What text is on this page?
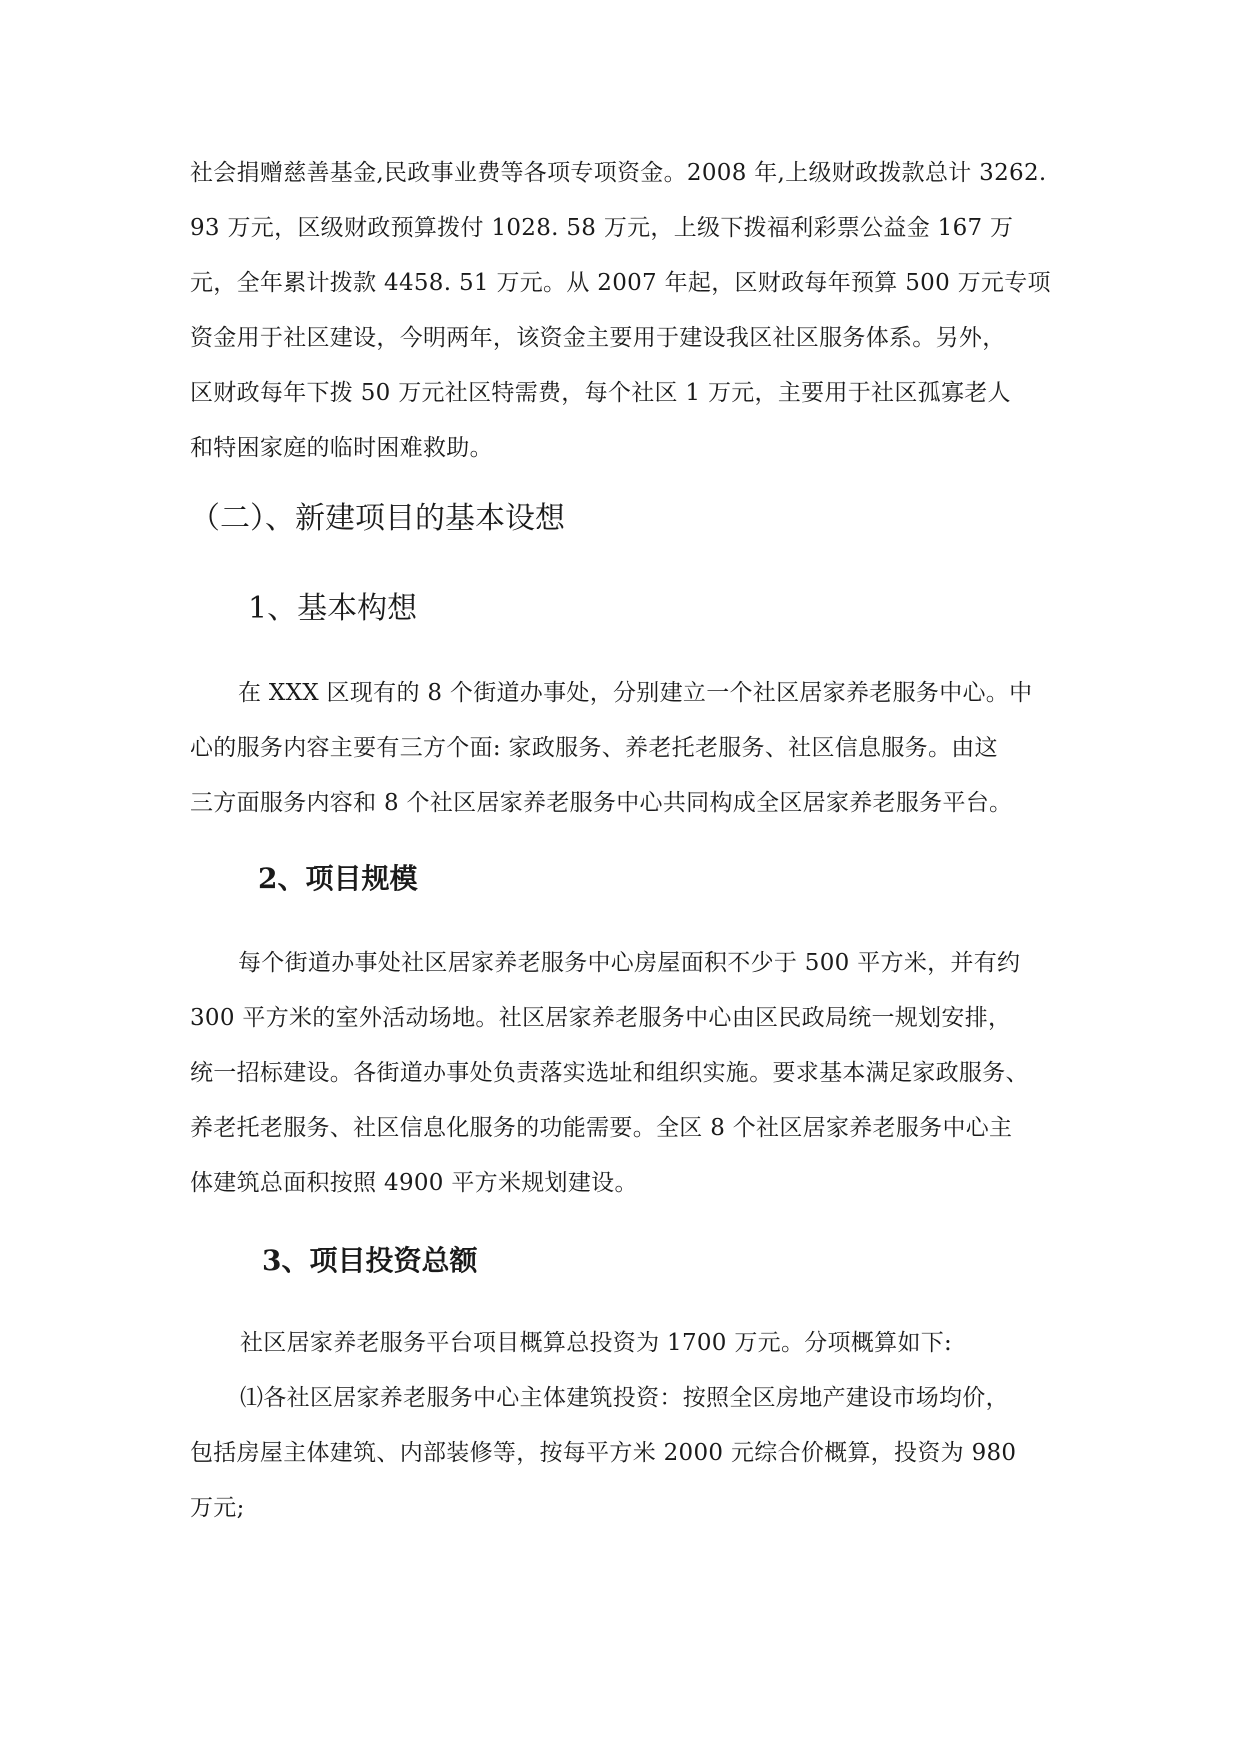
社会捐赠慈善基金,民政事业费等各项专项资金。2008 年,上级财政拨款总计 3262.
93 万元，区级财政预算拨付 1028. 58 万元，上级下拨福利彩票公益金 167 万
元，全年累计拨款 4458. 51 万元。从 2007 年起，区财政每年预算 500 万元专项
资金用于社区建设，今明两年，该资金主要用于建设我区社区服务体系。另外，
区财政每年下拨 50 万元社区特需费，每个社区 1 万元，主要用于社区孤寡老人
和特困家庭的临时困难救助。
（二）、新建项目的基本设想
1、基本构想
在 XXX 区现有的 8 个街道办事处，分别建立一个社区居家养老服务中心。中
心的服务内容主要有三方个面: 家政服务、养老托老服务、社区信息服务。由这
三方面服务内容和 8 个社区居家养老服务中心共同构成全区居家养老服务平台。
2、项目规模
每个街道办事处社区居家养老服务中心房屋面积不少于 500 平方米，并有约
300 平方米的室外活动场地。社区居家养老服务中心由区民政局统一规划安排，
统一招标建设。各街道办事处负责落实选址和组织实施。要求基本满足家政服务、
养老托老服务、社区信息化服务的功能需要。全区 8 个社区居家养老服务中心主
体建筑总面积按照 4900 平方米规划建设。
3、项目投资总额
社区居家养老服务平台项目概算总投资为 1700 万元。分项概算如下:
⑴各社区居家养老服务中心主体建筑投资：按照全区房地产建设市场均价，
包括房屋主体建筑、内部装修等，按每平方米 2000 元综合价概算，投资为 980
万元;
